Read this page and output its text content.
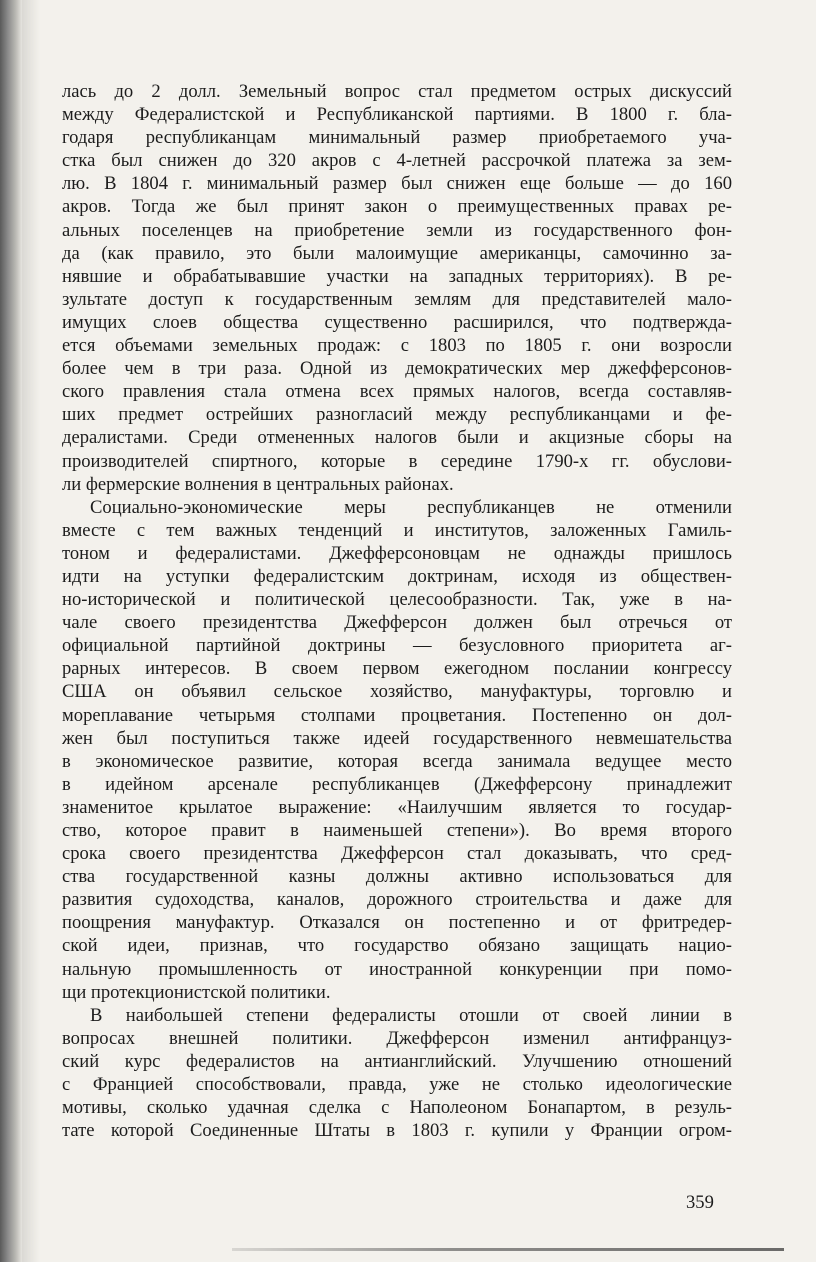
лась до 2 долл. Земельный вопрос стал предметом острых дискуссий
между Федералистской и Республиканской партиями. В 1800 г. бла-
годаря республиканцам минимальный размер приобретаемого уча-
стка был снижен до 320 акров с 4-летней рассрочкой платежа за зем-
лю. В 1804 г. минимальный размер был снижен еще больше — до 160
акров. Тогда же был принят закон о преимущественных правах ре-
альных поселенцев на приобретение земли из государственного фон-
да (как правило, это были малоимущие американцы, самочинно за-
нявшие и обрабатывавшие участки на западных территориях). В ре-
зультате доступ к государственным землям для представителей мало-
имущих слоев общества существенно расширился, что подтвержда-
ется объемами земельных продаж: с 1803 по 1805 г. они возросли
более чем в три раза. Одной из демократических мер джефферсонов-
ского правления стала отмена всех прямых налогов, всегда составляв-
ших предмет острейших разногласий между республиканцами и фе-
дералистами. Среди отмененных налогов были и акцизные сборы на
производителей спиртного, которые в середине 1790-х гг. обуслови-
ли фермерские волнения в центральных районах.

Социально-экономические меры республиканцев не отменили
вместе с тем важных тенденций и институтов, заложенных Гамиль-
тоном и федералистами. Джефферсоновцам не однажды пришлось
идти на уступки федералистским доктринам, исходя из обществен-
но-исторической и политической целесообразности. Так, уже в на-
чале своего президентства Джефферсон должен был отречься от
официальной партийной доктрины — безусловного приоритета аг-
рарных интересов. В своем первом ежегодном послании конгрессу
США он объявил сельское хозяйство, мануфактуры, торговлю и
мореплавание четырьмя столпами процветания. Постепенно он дол-
жен был поступиться также идеей государственного невмешательства
в экономическое развитие, которая всегда занимала ведущее место
в идейном арсенале республиканцев (Джефферсону принадлежит
знаменитое крылатое выражение: «Наилучшим является то государ-
ство, которое правит в наименьшей степени»). Во время второго
срока своего президентства Джефферсон стал доказывать, что сред-
ства государственной казны должны активно использоваться для
развития судоходства, каналов, дорожного строительства и даже для
поощрения мануфактур. Отказался он постепенно и от фритредер-
ской идеи, признав, что государство обязано защищать нацио-
нальную промышленность от иностранной конкуренции при помо-
щи протекционистской политики.

В наибольшей степени федералисты отошли от своей линии в
вопросах внешней политики. Джефферсон изменил антифранцуз-
ский курс федералистов на антианглийский. Улучшению отношений
с Францией способствовали, правда, уже не столько идеологические
мотивы, сколько удачная сделка с Наполеоном Бонапартом, в резуль-
тате которой Соединенные Штаты в 1803 г. купили у Франции огром-

359
